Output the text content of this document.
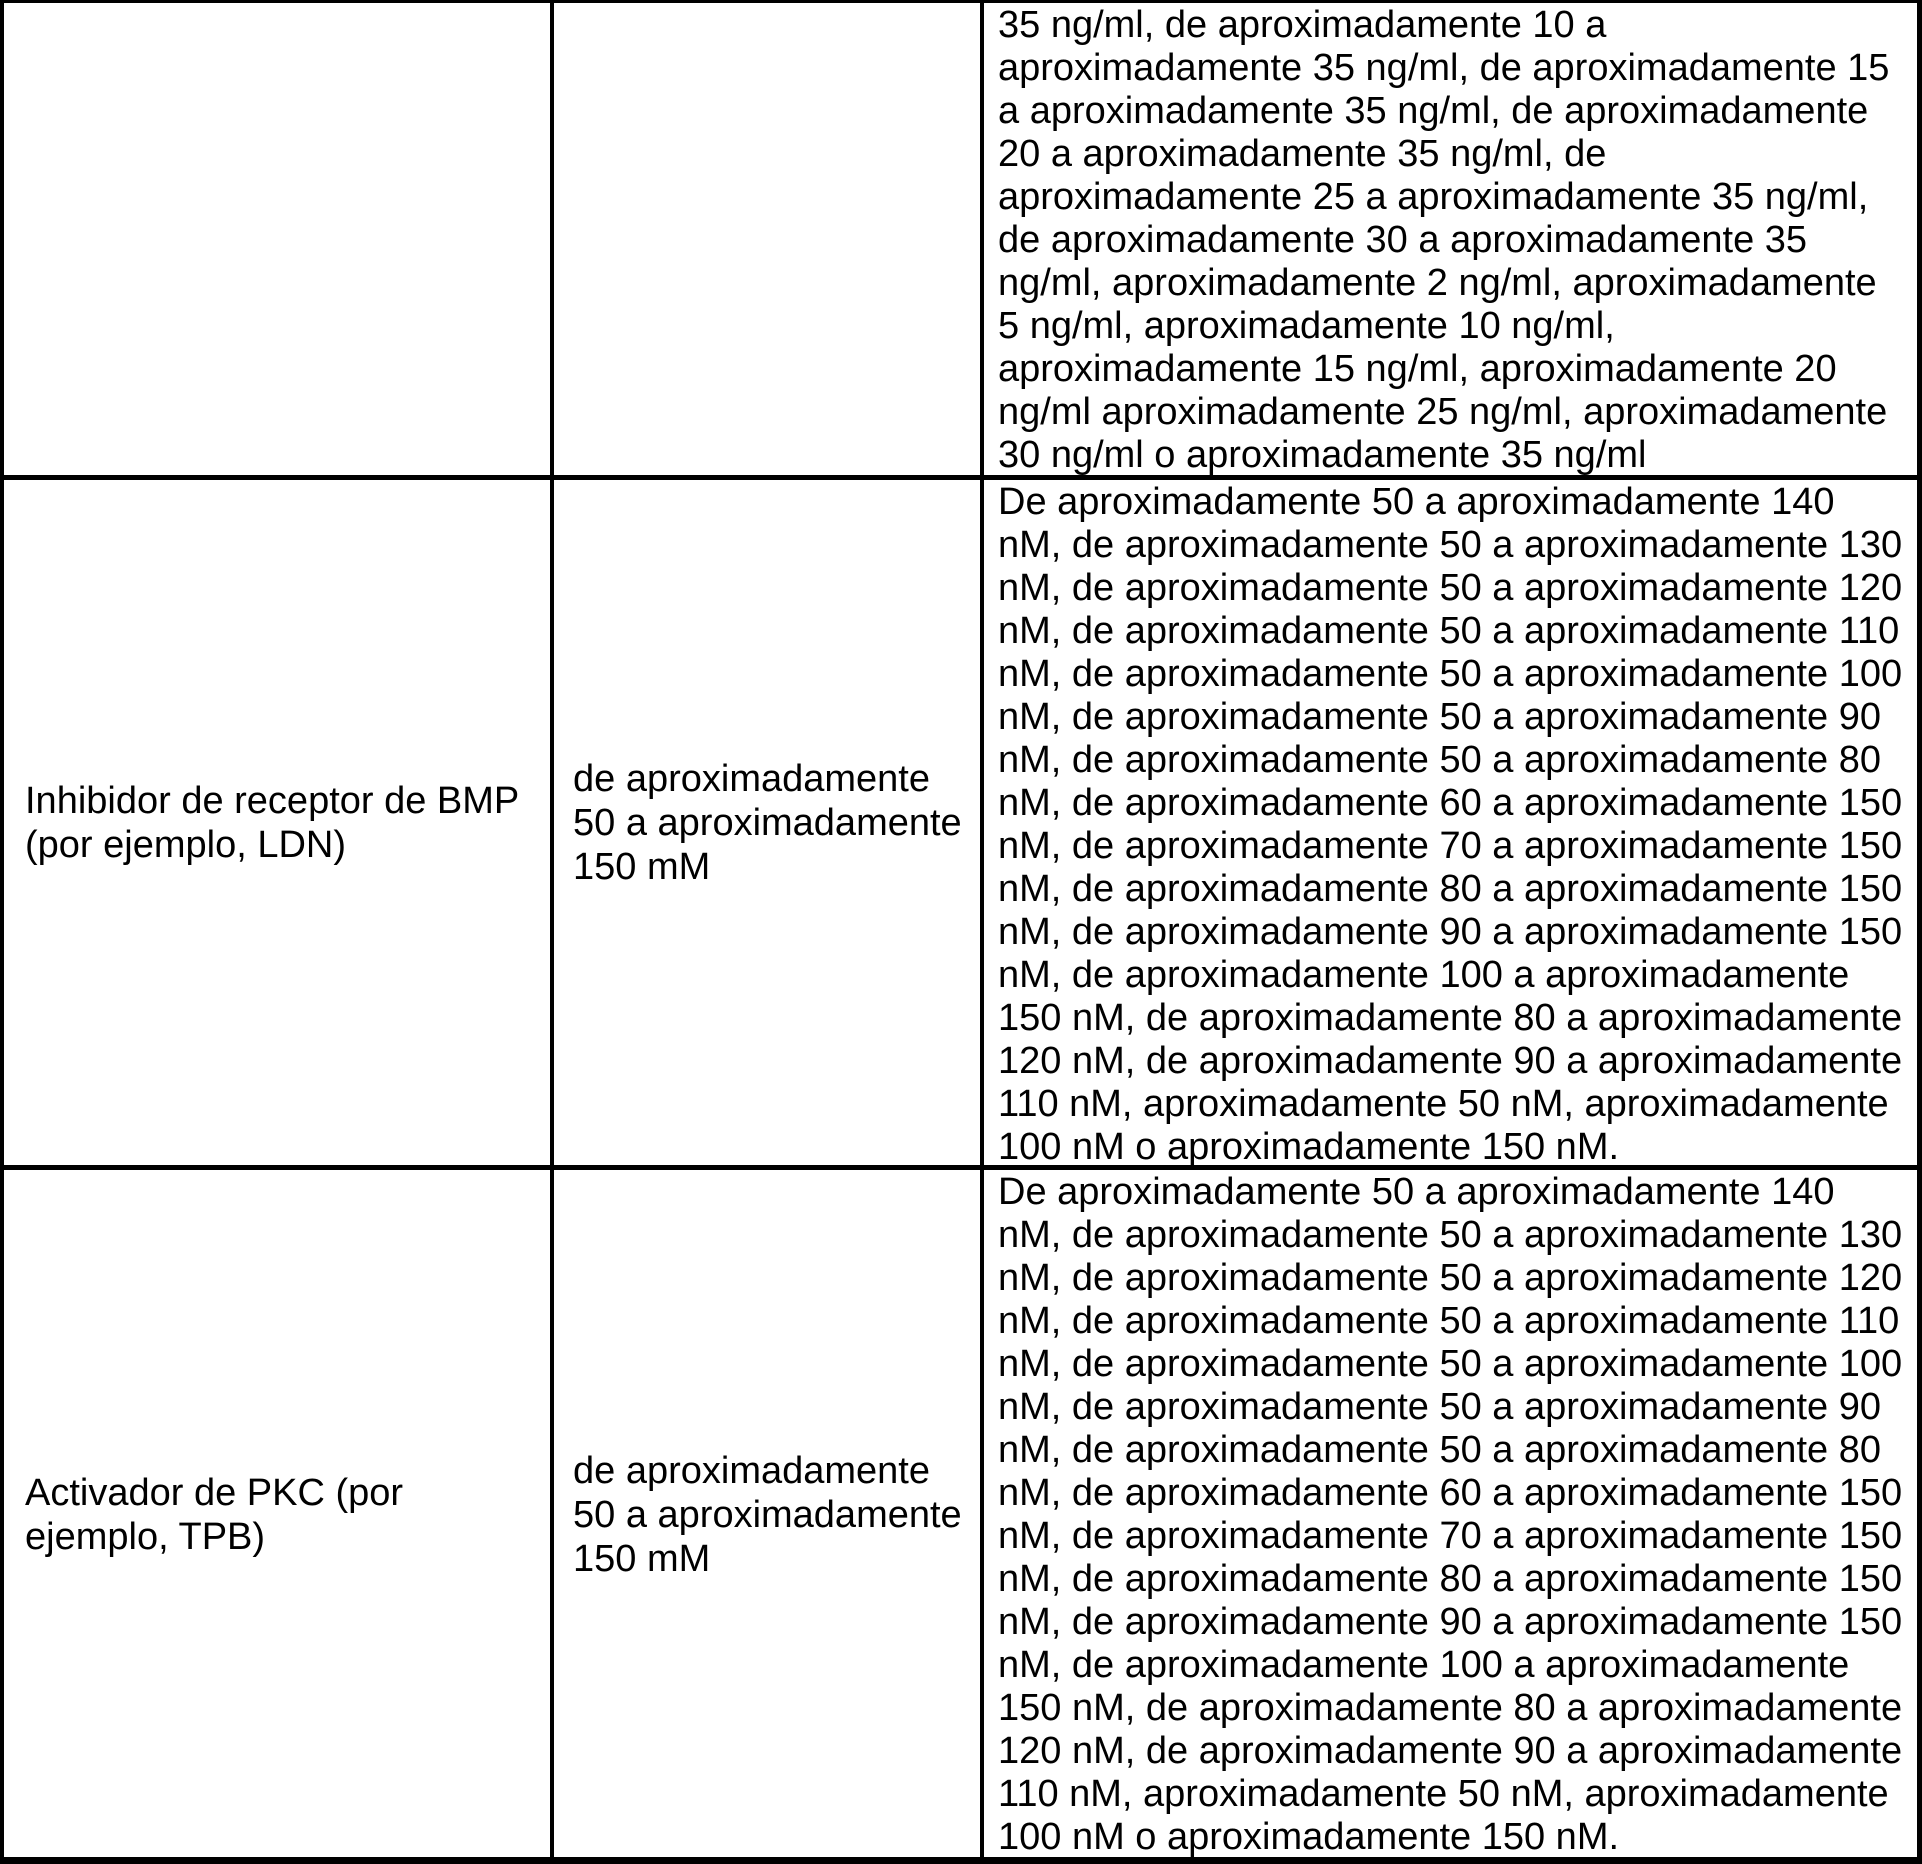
35 ng/ml, de aproximadamente 10 a
aproximadamente 35 ng/ml, de aproximadamente 15
a aproximadamente 35 ng/ml, de aproximadamente
20 a aproximadamente 35 ng/ml, de
aproximadamente 25 a aproximadamente 35 ng/ml,
de aproximadamente 30 a aproximadamente 35
ng/ml, aproximadamente 2 ng/ml, aproximadamente
5 ng/ml, aproximadamente 10 ng/ml,
aproximadamente 15 ng/ml, aproximadamente 20
ng/ml aproximadamente 25 ng/ml, aproximadamente
30 ng/ml o aproximadamente 35 ng/ml
Inhibidor de receptor de BMP
(por ejemplo, LDN)
de aproximadamente
50 a aproximadamente
150 mM
De aproximadamente 50 a aproximadamente 140
nM, de aproximadamente 50 a aproximadamente 130
nM, de aproximadamente 50 a aproximadamente 120
nM, de aproximadamente 50 a aproximadamente 110
nM, de aproximadamente 50 a aproximadamente 100
nM, de aproximadamente 50 a aproximadamente 90
nM, de aproximadamente 50 a aproximadamente 80
nM, de aproximadamente 60 a aproximadamente 150
nM, de aproximadamente 70 a aproximadamente 150
nM, de aproximadamente 80 a aproximadamente 150
nM, de aproximadamente 90 a aproximadamente 150
nM, de aproximadamente 100 a aproximadamente
150 nM, de aproximadamente 80 a aproximadamente
120 nM, de aproximadamente 90 a aproximadamente
110 nM, aproximadamente 50 nM, aproximadamente
100 nM o aproximadamente 150 nM.
Activador de PKC (por
ejemplo, TPB)
de aproximadamente
50 a aproximadamente
150 mM
De aproximadamente 50 a aproximadamente 140
nM, de aproximadamente 50 a aproximadamente 130
nM, de aproximadamente 50 a aproximadamente 120
nM, de aproximadamente 50 a aproximadamente 110
nM, de aproximadamente 50 a aproximadamente 100
nM, de aproximadamente 50 a aproximadamente 90
nM, de aproximadamente 50 a aproximadamente 80
nM, de aproximadamente 60 a aproximadamente 150
nM, de aproximadamente 70 a aproximadamente 150
nM, de aproximadamente 80 a aproximadamente 150
nM, de aproximadamente 90 a aproximadamente 150
nM, de aproximadamente 100 a aproximadamente
150 nM, de aproximadamente 80 a aproximadamente
120 nM, de aproximadamente 90 a aproximadamente
110 nM, aproximadamente 50 nM, aproximadamente
100 nM o aproximadamente 150 nM.
